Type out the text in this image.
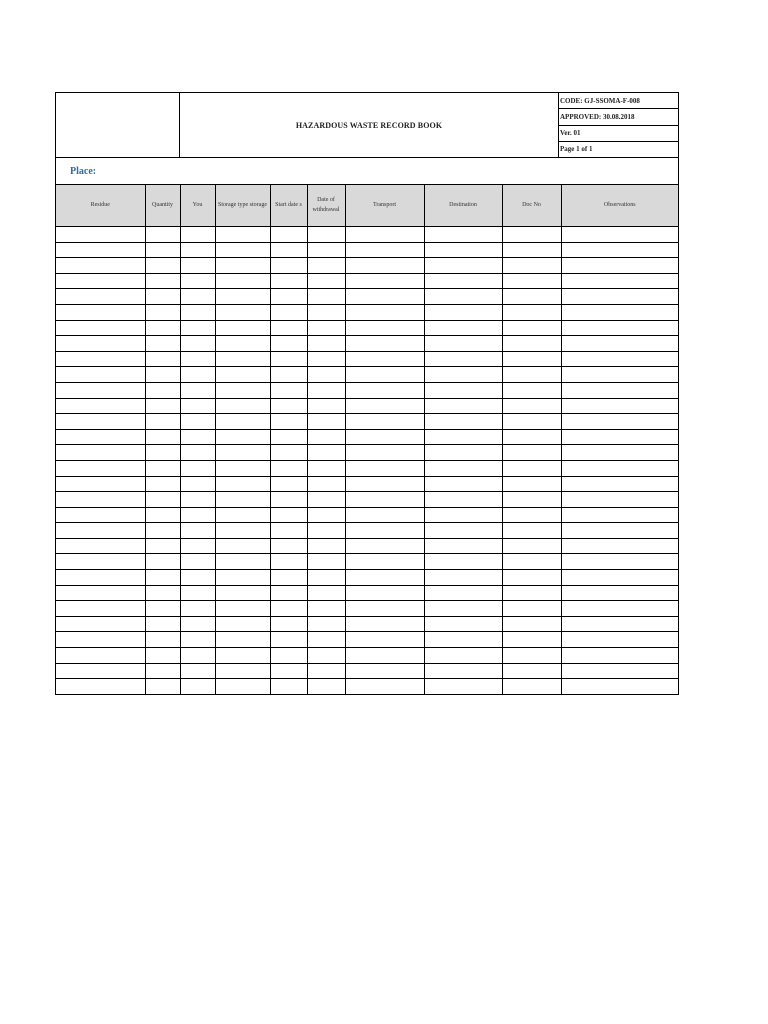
HAZARDOUS WASTE RECORD BOOK
CODE: GJ-SSOMA-F-008
APPROVED: 30.08.2018
Ver. 01
Page 1 of 1
Place:
Residue	Quantity	You	Storage type storage	Start date s	Date of withdrawal	Transport	Destination	Doc No	Observations
